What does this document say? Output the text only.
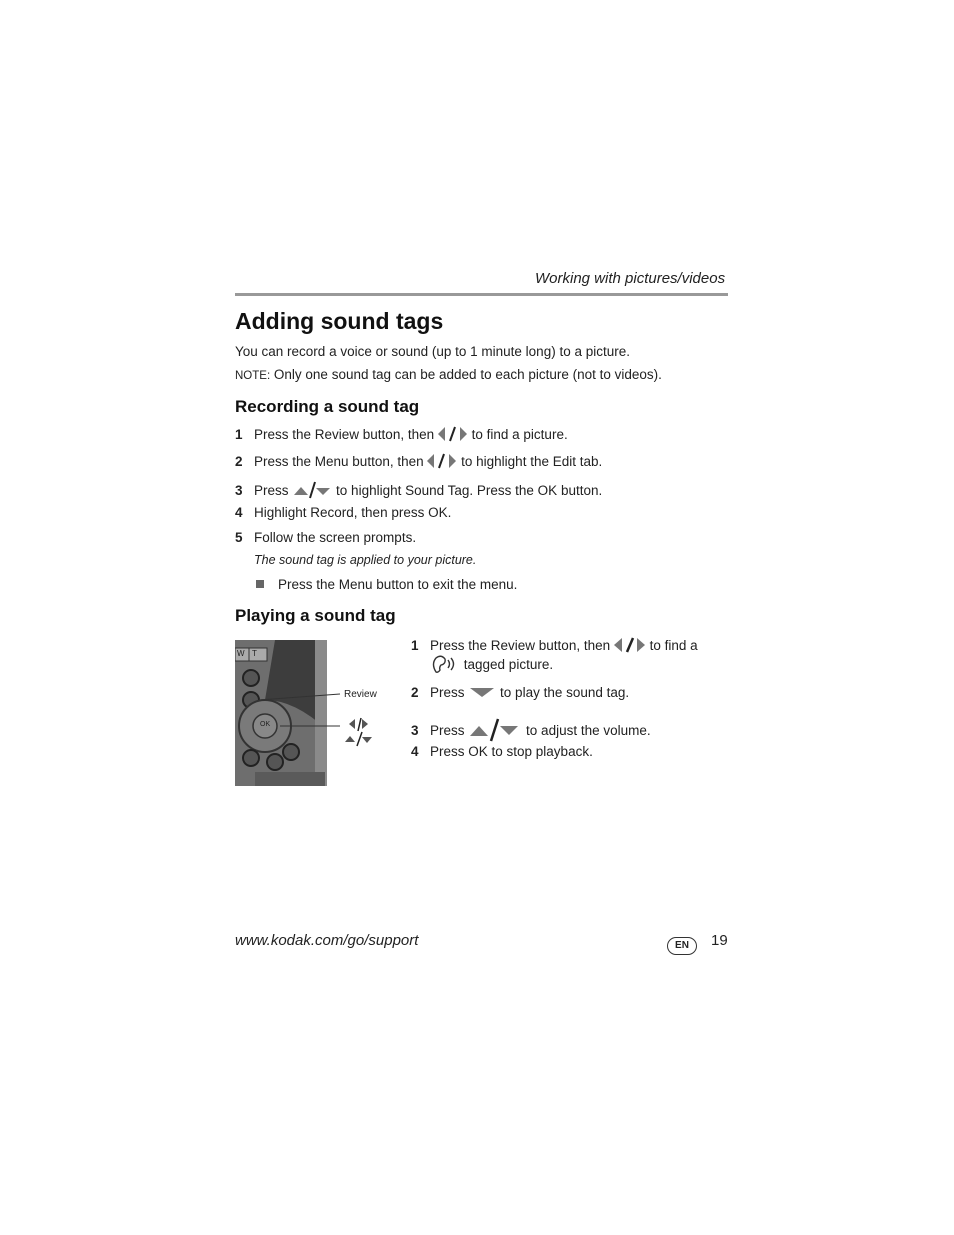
Working with pictures/videos
Adding sound tags
You can record a voice or sound (up to 1 minute long) to a picture.
NOTE: Only one sound tag can be added to each picture (not to videos).
Recording a sound tag
1 Press the Review button, then	to find a picture.
2 Press the Menu button, then	to highlight the Edit tab.
3 Press	to highlight Sound Tag. Press the OK button.
4 Highlight Record, then press OK.
5 Follow the screen prompts.
The sound tag is applied to your picture.
Press the Menu button to exit the menu.
Playing a sound tag
W T
OK
Review
1 Press the Review button, then	to find a
tagged picture.
2 Press	to play the sound tag.
3 Press	to adjust the volume.
4 Press OK to stop playback.
www.kodak.com/go/support	EN	19
